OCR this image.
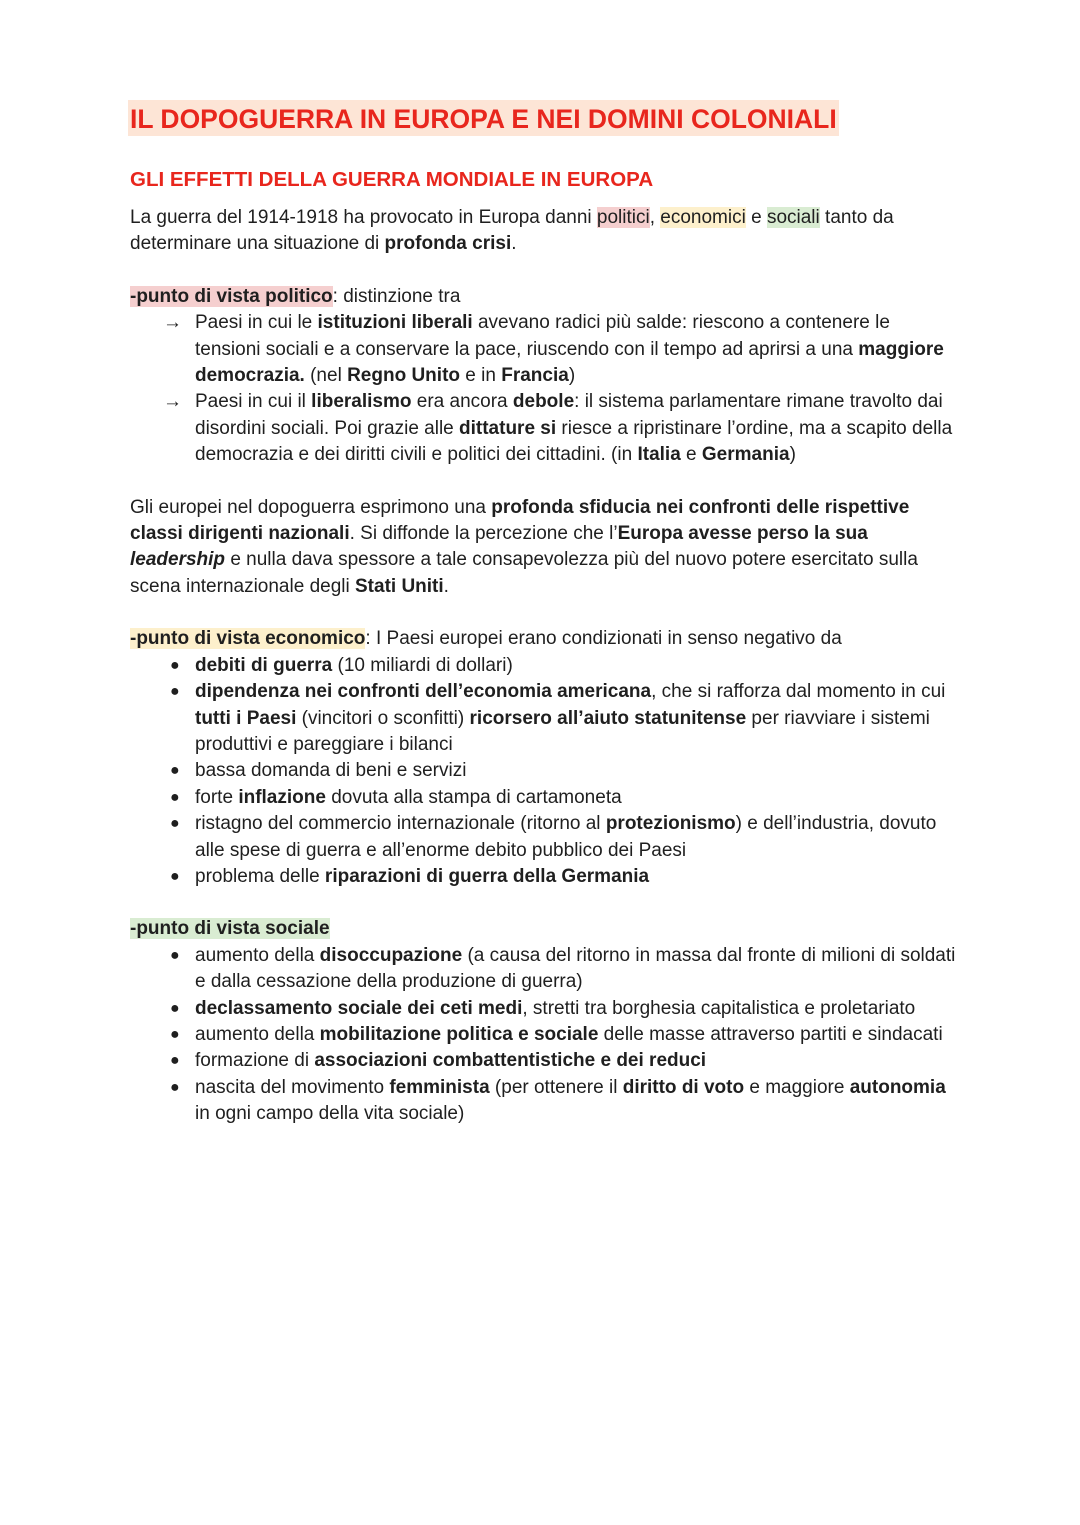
IL DOPOGUERRA IN EUROPA E NEI DOMINI COLONIALI
GLI EFFETTI DELLA GUERRA MONDIALE IN EUROPA

La guerra del 1914-1918 ha provocato in Europa danni politici, economici e sociali tanto da determinare una situazione di profonda crisi.

-punto di vista politico: distinzione tra

→ Paesi in cui le istituzioni liberali avevano radici più salde: riescono a contenere le tensioni sociali e a conservare la pace, riuscendo con il tempo ad aprirsi a una maggiore democrazia. (nel Regno Unito e in Francia)
→ Paesi in cui il liberalismo era ancora debole: il sistema parlamentare rimane travolto dai disordini sociali. Poi grazie alle dittature si riesce a ripristinare l’ordine, ma a scapito della democrazia e dei diritti civili e politici dei cittadini. (in Italia e Germania)

Gli europei nel dopoguerra esprimono una profonda sfiducia nei confronti delle rispettive classi dirigenti nazionali. Si diffonde la percezione che l’Europa avesse perso la sua leadership e nulla dava spessore a tale consapevolezza più del nuovo potere esercitato sulla scena internazionale degli Stati Uniti.

-punto di vista economico: I Paesi europei erano condizionati in senso negativo da

● debiti di guerra (10 miliardi di dollari)
● dipendenza nei confronti dell’economia americana, che si rafforza dal momento in cui tutti i Paesi (vincitori o sconfitti) ricorsero all’aiuto statunitense per riavviare i sistemi produttivi e pareggiare i bilanci
● bassa domanda di beni e servizi
● forte inflazione dovuta alla stampa di cartamoneta
● ristagno del commercio internazionale (ritorno al protezionismo) e dell’industria, dovuto alle spese di guerra e all’enorme debito pubblico dei Paesi
● problema delle riparazioni di guerra della Germania

-punto di vista sociale

● aumento della disoccupazione (a causa del ritorno in massa dal fronte di milioni di soldati e dalla cessazione della produzione di guerra)
● declassamento sociale dei ceti medi, stretti tra borghesia capitalistica e proletariato
● aumento della mobilitazione politica e sociale delle masse attraverso partiti e sindacati
● formazione di associazioni combattentistiche e dei reduci
● nascita del movimento femminista (per ottenere il diritto di voto e maggiore autonomia in ogni campo della vita sociale)
